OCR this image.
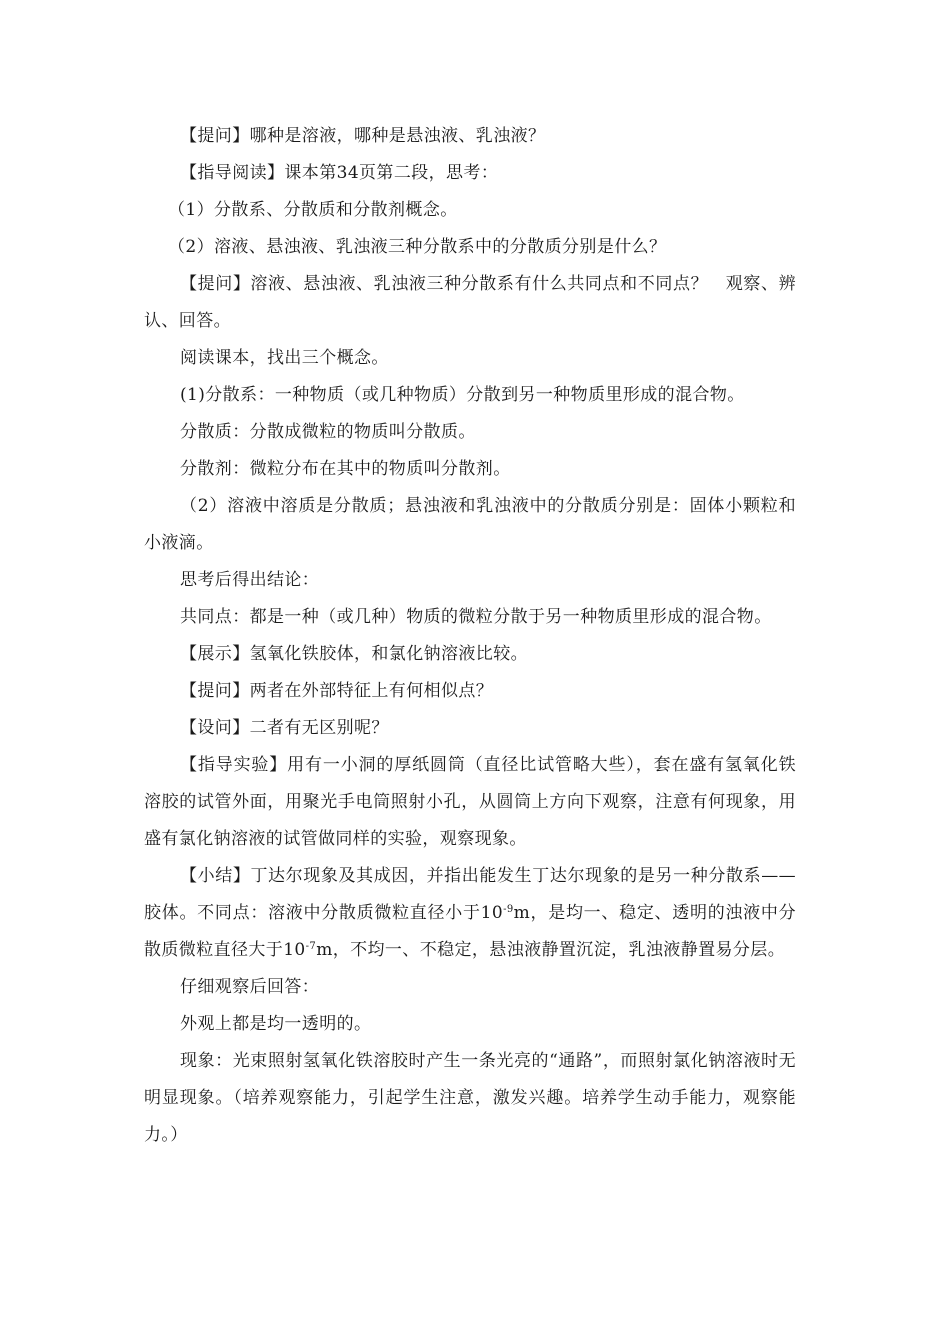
【提问】哪种是溶液，哪种是悬浊液、乳浊液？

【指导阅读】课本第34页第二段，思考：

（1）分散系、分散质和分散剂概念。

（2）溶液、悬浊液、乳浊液三种分散系中的分散质分别是什么？

【提问】溶液、悬浊液、乳浊液三种分散系有什么共同点和不同点？　观察、辨认、回答。

阅读课本，找出三个概念。

(1)分散系：一种物质（或几种物质）分散到另一种物质里形成的混合物。

分散质：分散成微粒的物质叫分散质。

分散剂：微粒分布在其中的物质叫分散剂。

（2）溶液中溶质是分散质；悬浊液和乳浊液中的分散质分别是：固体小颗粒和小液滴。

思考后得出结论：

共同点：都是一种（或几种）物质的微粒分散于另一种物质里形成的混合物。

【展示】氢氧化铁胶体，和氯化钠溶液比较。

【提问】两者在外部特征上有何相似点？

【设问】二者有无区别呢？

【指导实验】用有一小洞的厚纸圆筒（直径比试管略大些），套在盛有氢氧化铁溶胶的试管外面，用聚光手电筒照射小孔，从圆筒上方向下观察，注意有何现象，用盛有氯化钠溶液的试管做同样的实验，观察现象。

【小结】丁达尔现象及其成因，并指出能发生丁达尔现象的是另一种分散系——胶体。不同点：溶液中分散质微粒直径小于$10^{-9}m$，是均一、稳定、透明的浊液中分散质微粒直径大于$10^{-7}m$，不均一、不稳定，悬浊液静置沉淀，乳浊液静置易分层。

仔细观察后回答：

外观上都是均一透明的。

现象：光束照射氢氧化铁溶胶时产生一条光亮的“通路”，而照射氯化钠溶液时无明显现象。（培养观察能力，引起学生注意，激发兴趣。培养学生动手能力，观察能力。）
